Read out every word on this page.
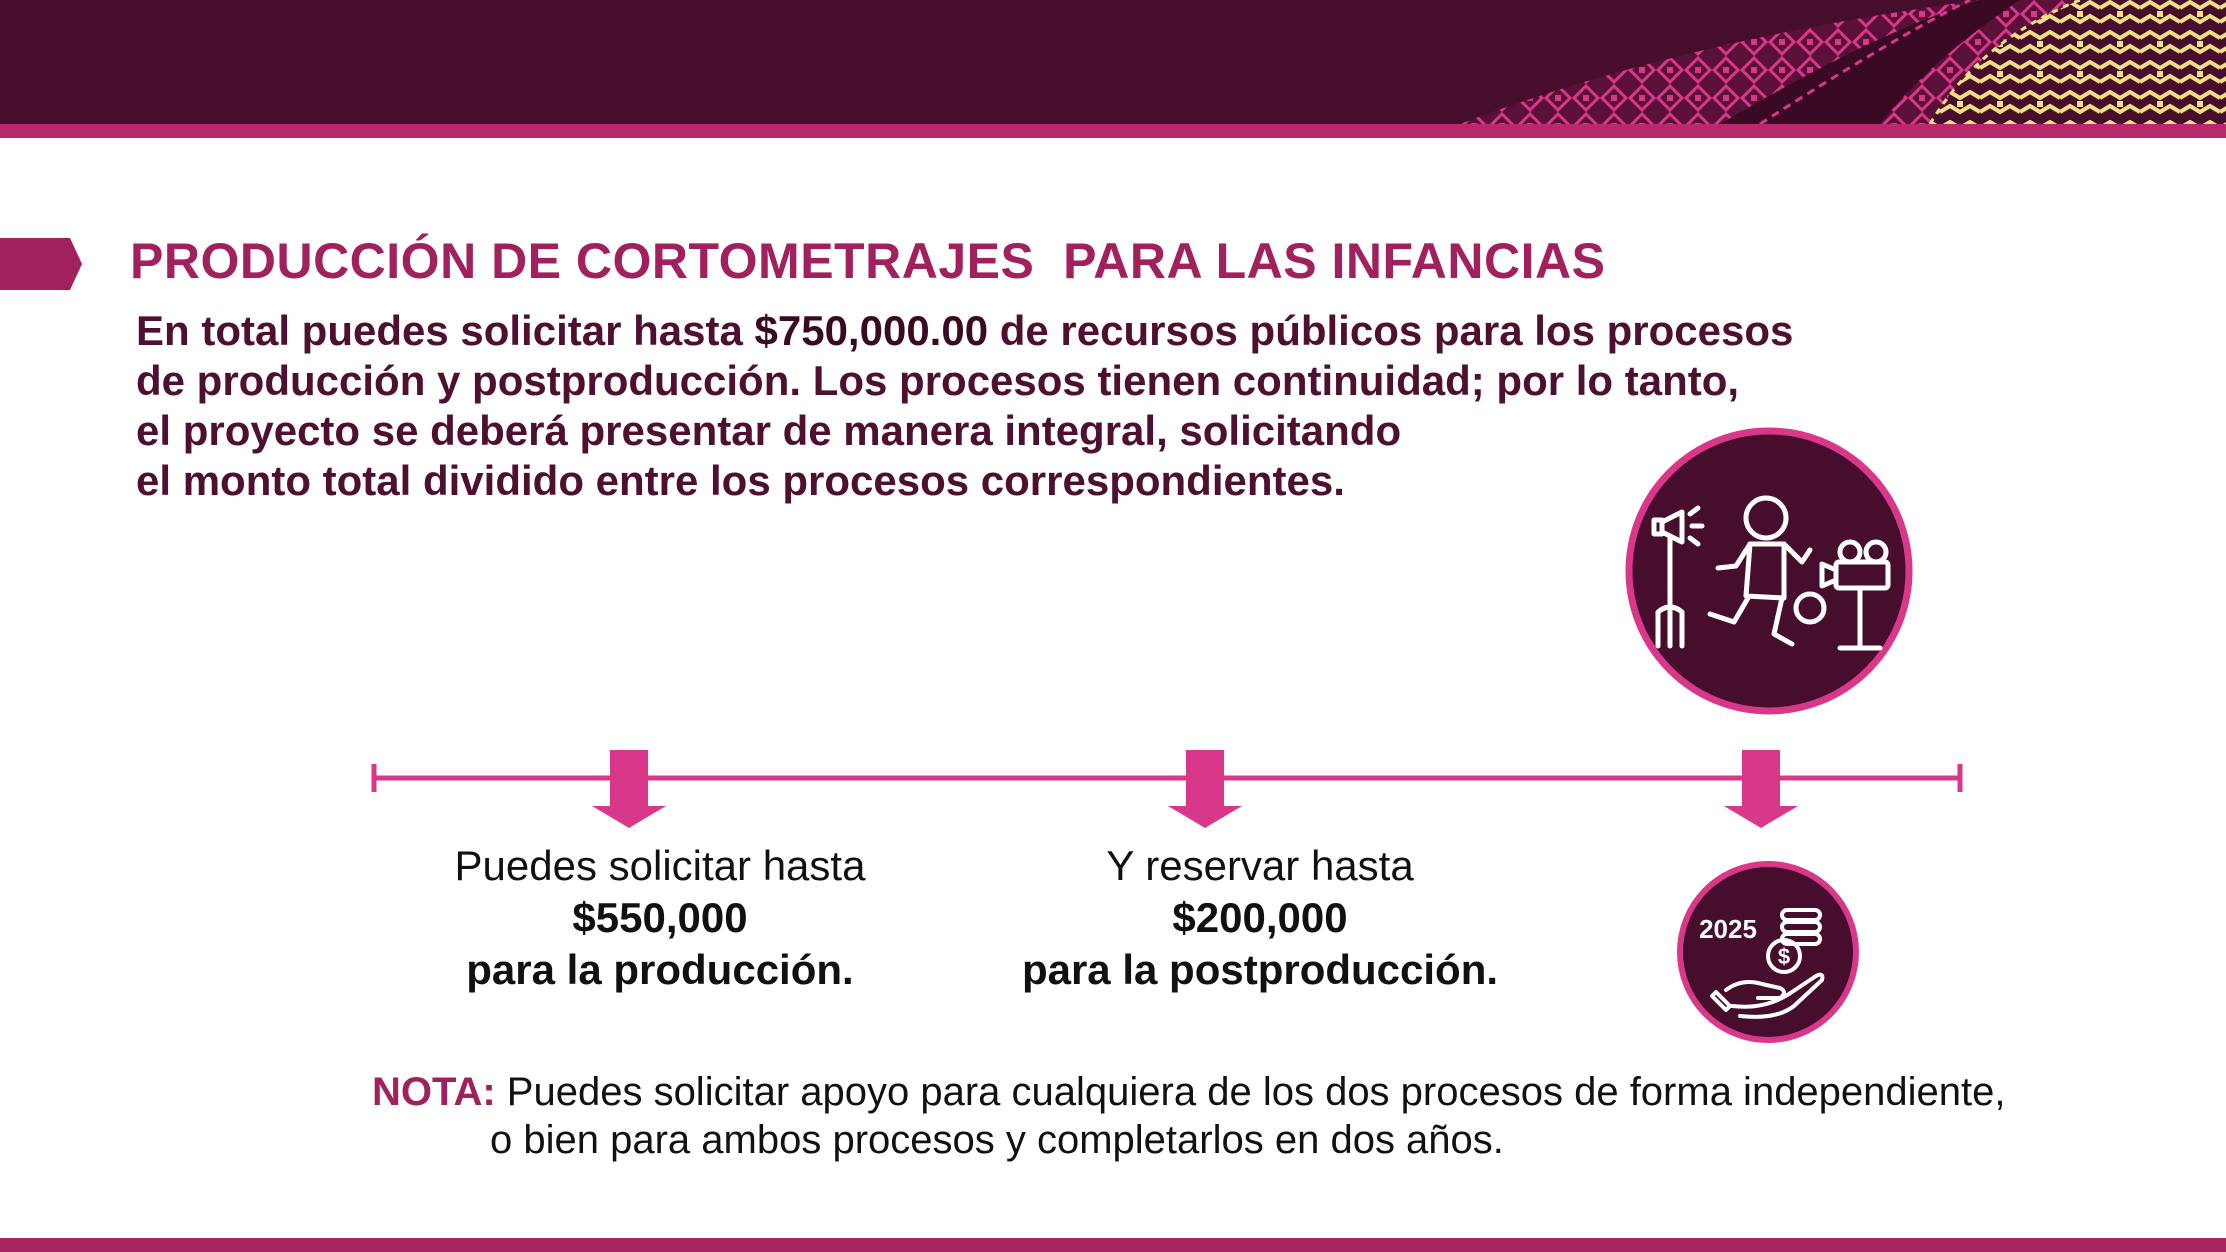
PRODUCCIÓN DE CORTOMETRAJES  PARA LAS INFANCIAS
En total puedes solicitar hasta $750,000.00 de recursos públicos para los procesos
de producción y postproducción. Los procesos tienen continuidad; por lo tanto,
el proyecto se deberá presentar de manera integral, solicitando
el monto total dividido entre los procesos correspondientes.
Puedes solicitar hasta
$550,000
para la producción.
Y reservar hasta
$200,000
para la postproducción.
2025
$
NOTA: Puedes solicitar apoyo para cualquiera de los dos procesos de forma independiente,
o bien para ambos procesos y completarlos en dos años.
